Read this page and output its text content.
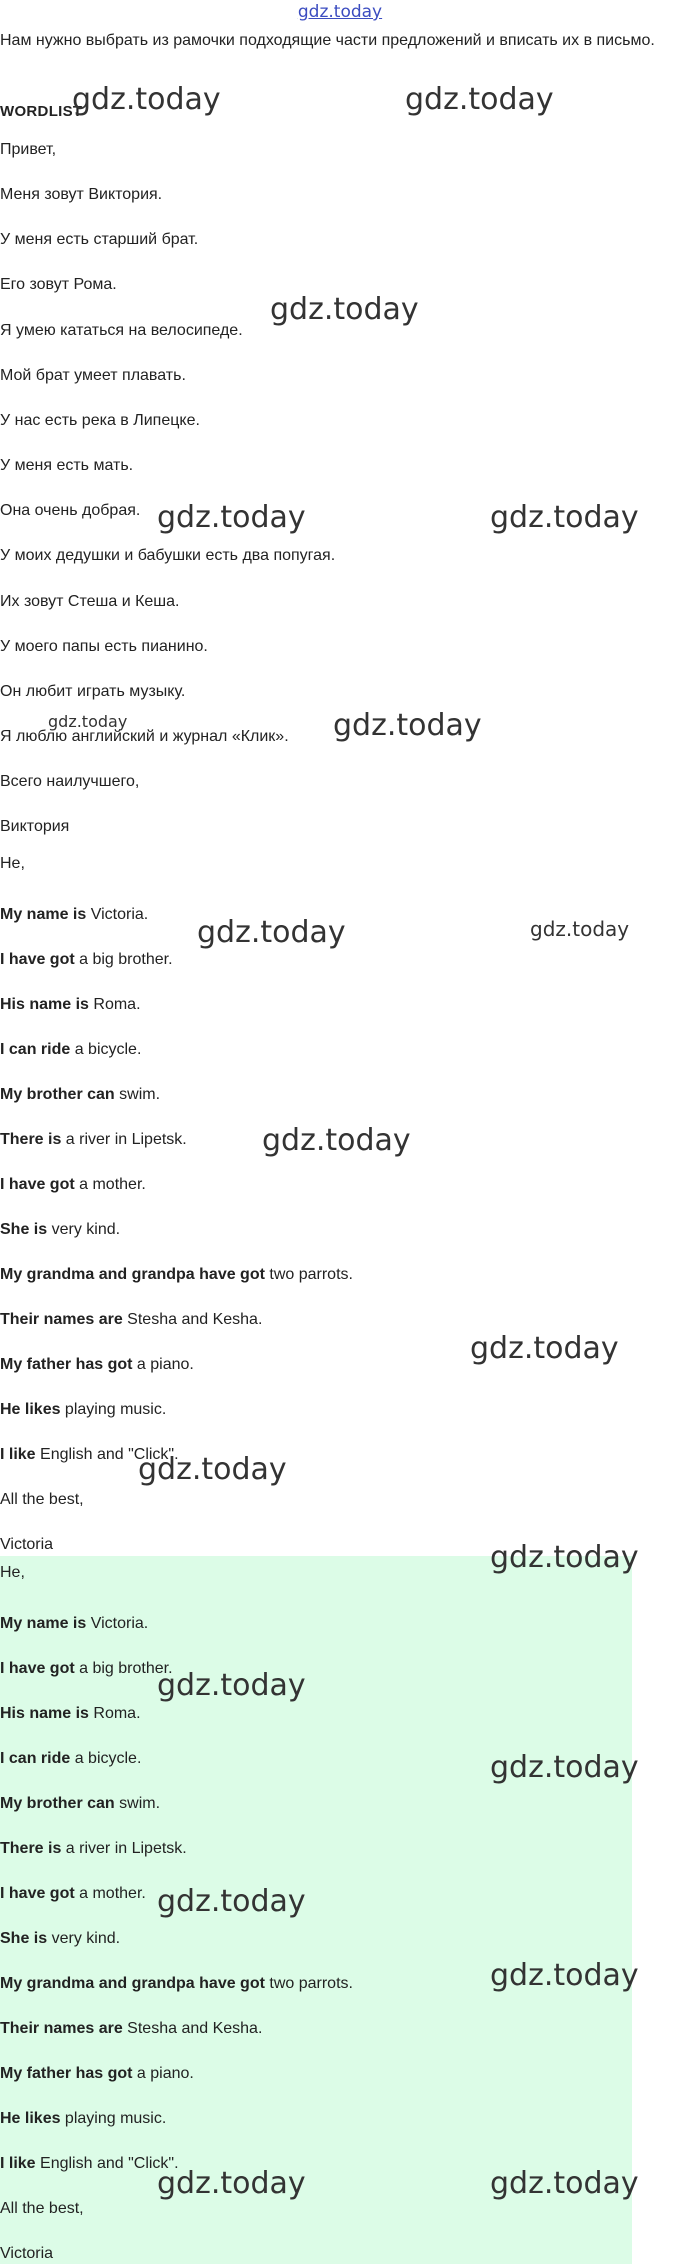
gdz.today

Нам нужно выбрать из рамочки подходящие части предложений и вписать их в письмо.

WORDLIST
Привет,
Меня зовут Виктория.
У меня есть старший брат.
Его зовут Рома.
Я умею кататься на велосипеде.
Мой брат умеет плавать.
У нас есть река в Липецке.
У меня есть мать.
Она очень добрая.
У моих дедушки и бабушки есть два попугая.
Их зовут Стеша и Кеша.
У моего папы есть пианино.
Он любит играть музыку.
Я люблю английский и журнал «Клик».
Всего наилучшего,
Виктория
He,
My name is Victoria.
I have got a big brother.
His name is Roma.
I can ride a bicycle.
My brother can swim.
There is a river in Lipetsk.
I have got a mother.
She is very kind.
My grandma and grandpa have got two parrots.
Their names are Stesha and Kesha.
My father has got a piano.
He likes playing music.
I like English and "Click".
All the best,
Victoria
He,
My name is Victoria.
I have got a big brother.
His name is Roma.
I can ride a bicycle.
My brother can swim.
There is a river in Lipetsk.
I have got a mother.
She is very kind.
My grandma and grandpa have got two parrots.
Their names are Stesha and Kesha.
My father has got a piano.
He likes playing music.
I like English and "Click".
All the best,
Victoria
gdz.today	gdz.today
gdz.today
gdz.today	gdz.today
gdz.today	gdz.today
gdz.today	gdz.today
gdz.today
gdz.today
gdz.today
gdz.today
gdz.today
gdz.today
gdz.today
gdz.today
gdz.today	gdz.today
